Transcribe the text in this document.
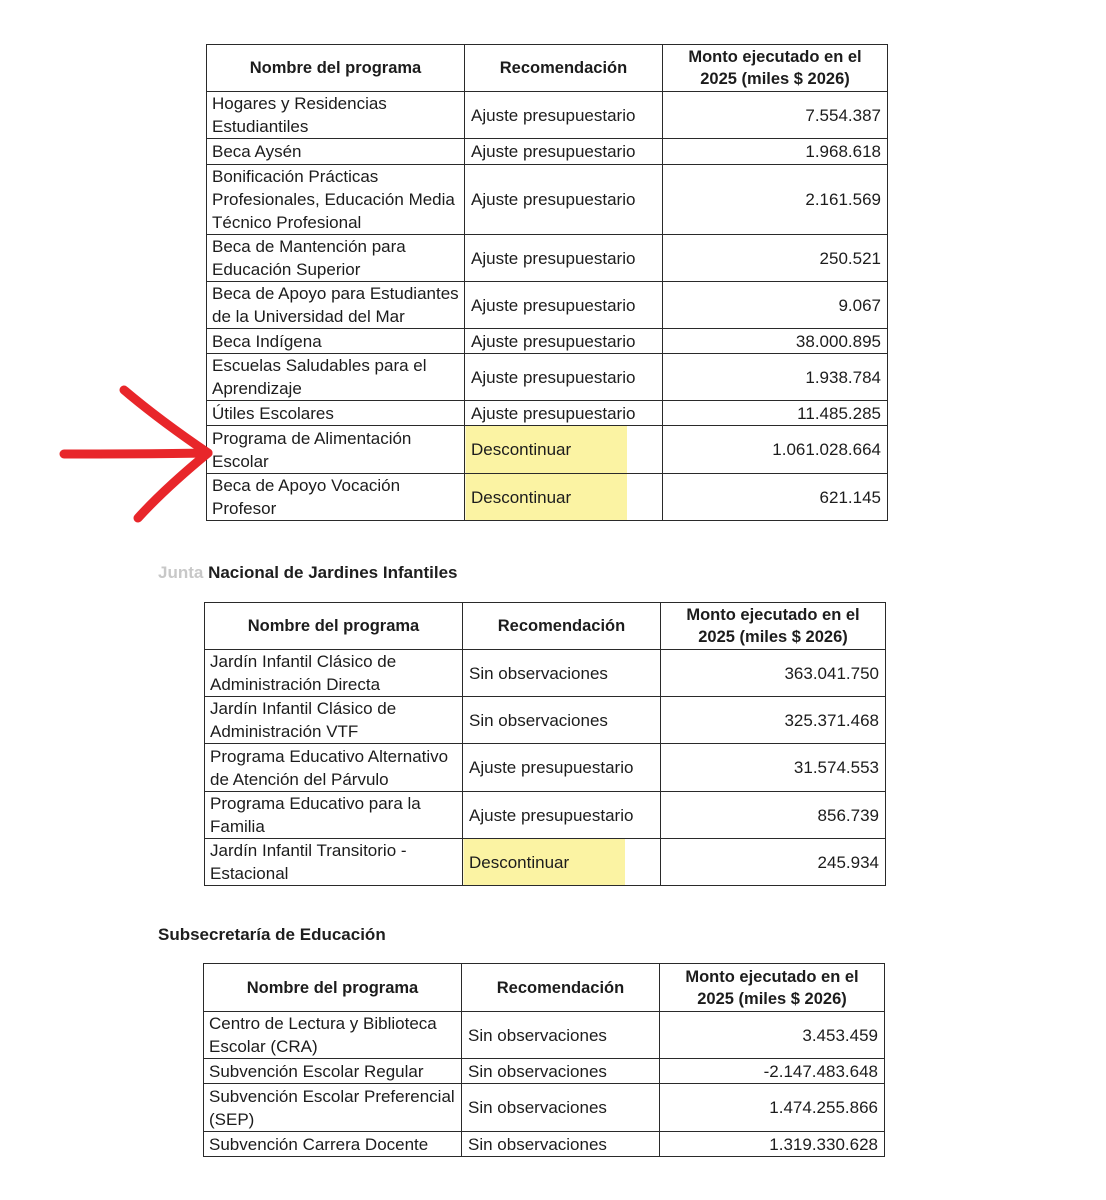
Nombre del programa	Recomendación	Monto ejecutado en el
2025 (miles $ 2026)
Hogares y Residencias Estudiantiles	Ajuste presupuestario	7.554.387
Beca Aysén	Ajuste presupuestario	1.968.618
Bonificación Prácticas Profesionales, Educación Media Técnico Profesional	Ajuste presupuestario	2.161.569
Beca de Mantención para Educación Superior	Ajuste presupuestario	250.521
Beca de Apoyo para Estudiantes de la Universidad del Mar	Ajuste presupuestario	9.067
Beca Indígena	Ajuste presupuestario	38.000.895
Escuelas Saludables para el Aprendizaje	Ajuste presupuestario	1.938.784
Útiles Escolares	Ajuste presupuestario	11.485.285
Programa de Alimentación Escolar	Descontinuar	1.061.028.664
Beca de Apoyo Vocación Profesor	Descontinuar	621.145
Junta Nacional de Jardines Infantiles
Nombre del programa	Recomendación	Monto ejecutado en el
2025 (miles $ 2026)
Jardín Infantil Clásico de Administración Directa	Sin observaciones	363.041.750
Jardín Infantil Clásico de Administración VTF	Sin observaciones	325.371.468
Programa Educativo Alternativo de Atención del Párvulo	Ajuste presupuestario	31.574.553
Programa Educativo para la Familia	Ajuste presupuestario	856.739
Jardín Infantil Transitorio - Estacional	Descontinuar	245.934
Subsecretaría de Educación
Nombre del programa	Recomendación	Monto ejecutado en el
2025 (miles $ 2026)
Centro de Lectura y Biblioteca Escolar (CRA)	Sin observaciones	3.453.459
Subvención Escolar Regular	Sin observaciones	-2.147.483.648
Subvención Escolar Preferencial (SEP)	Sin observaciones	1.474.255.866
Subvención Carrera Docente	Sin observaciones	1.319.330.628
